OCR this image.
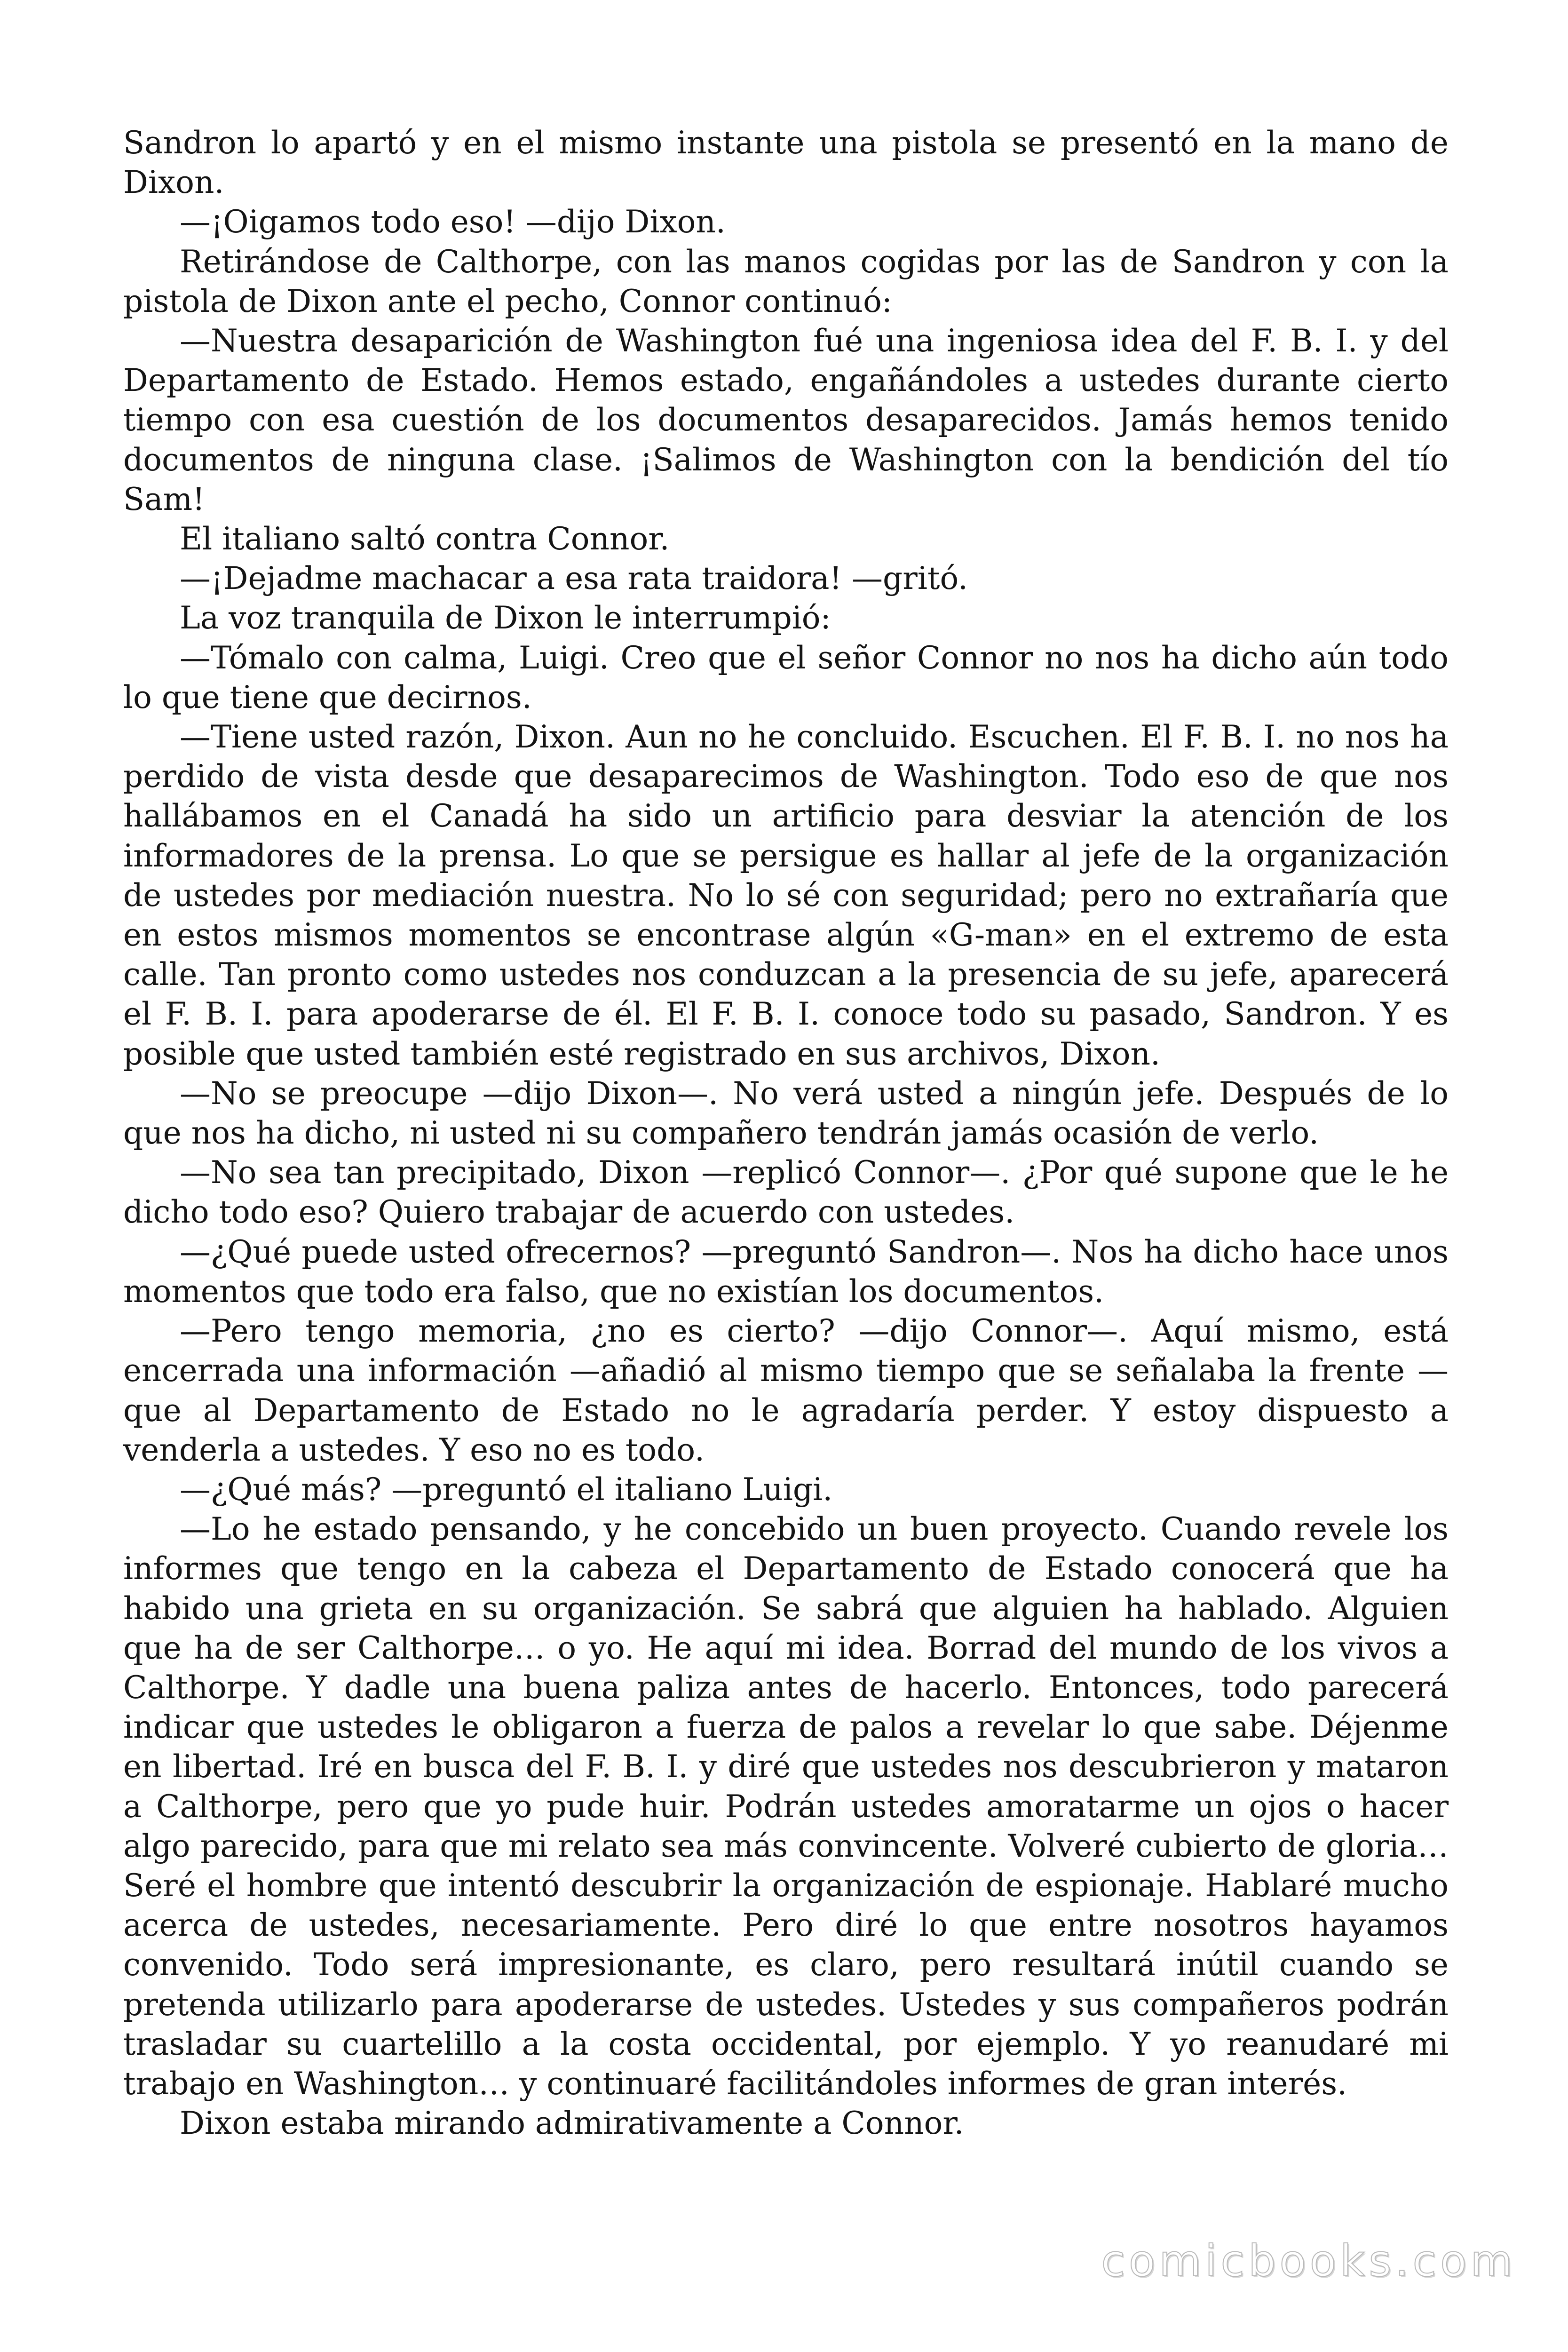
Sandron lo apartó y en el mismo instante una pistola se presentó en la mano de Dixon.

—¡Oigamos todo eso! —dijo Dixon.

Retirándose de Calthorpe, con las manos cogidas por las de Sandron y con la pistola de Dixon ante el pecho, Connor continuó:

—Nuestra desaparición de Washington fué una ingeniosa idea del F. B. I. y del Departamento de Estado. Hemos estado, engañándoles a ustedes durante cierto tiempo con esa cuestión de los documentos desaparecidos. Jamás hemos tenido documentos de ninguna clase. ¡Salimos de Washington con la bendición del tío Sam!

El italiano saltó contra Connor.

—¡Dejadme machacar a esa rata traidora! —gritó.

La voz tranquila de Dixon le interrumpió:

—Tómalo con calma, Luigi. Creo que el señor Connor no nos ha dicho aún todo lo que tiene que decirnos.

—Tiene usted razón, Dixon. Aun no he concluido. Escuchen. El F. B. I. no nos ha perdido de vista desde que desaparecimos de Washington. Todo eso de que nos hallábamos en el Canadá ha sido un artificio para desviar la atención de los informadores de la prensa. Lo que se persigue es hallar al jefe de la organización de ustedes por mediación nuestra. No lo sé con seguridad; pero no extrañaría que en estos mismos momentos se encontrase algún «G-man» en el extremo de esta calle. Tan pronto como ustedes nos conduzcan a la presencia de su jefe, aparecerá el F. B. I. para apoderarse de él. El F. B. I. conoce todo su pasado, Sandron. Y es posible que usted también esté registrado en sus archivos, Dixon.

—No se preocupe —dijo Dixon—. No verá usted a ningún jefe. Después de lo que nos ha dicho, ni usted ni su compañero tendrán jamás ocasión de verlo.

—No sea tan precipitado, Dixon —replicó Connor—. ¿Por qué supone que le he dicho todo eso? Quiero trabajar de acuerdo con ustedes.

—¿Qué puede usted ofrecernos? —preguntó Sandron—. Nos ha dicho hace unos momentos que todo era falso, que no existían los documentos.

—Pero tengo memoria, ¿no es cierto? —dijo Connor—. Aquí mismo, está encerrada una información —añadió al mismo tiempo que se señalaba la frente — que al Departamento de Estado no le agradaría perder. Y estoy dispuesto a venderla a ustedes. Y eso no es todo.

—¿Qué más? —preguntó el italiano Luigi.

—Lo he estado pensando, y he concebido un buen proyecto. Cuando revele los informes que tengo en la cabeza el Departamento de Estado conocerá que ha habido una grieta en su organización. Se sabrá que alguien ha hablado. Alguien que ha de ser Calthorpe… o yo. He aquí mi idea. Borrad del mundo de los vivos a Calthorpe. Y dadle una buena paliza antes de hacerlo. Entonces, todo parecerá indicar que ustedes le obligaron a fuerza de palos a revelar lo que sabe. Déjenme en libertad. Iré en busca del F. B. I. y diré que ustedes nos descubrieron y mataron a Calthorpe, pero que yo pude huir. Podrán ustedes amoratarme un ojos o hacer algo parecido, para que mi relato sea más convincente. Volveré cubierto de gloria… Seré el hombre que intentó descubrir la organización de espionaje. Hablaré mucho acerca de ustedes, necesariamente. Pero diré lo que entre nosotros hayamos convenido. Todo será impresionante, es claro, pero resultará inútil cuando se pretenda utilizarlo para apoderarse de ustedes. Ustedes y sus compañeros podrán trasladar su cuartelillo a la costa occidental, por ejemplo. Y yo reanudaré mi trabajo en Washington… y continuaré facilitándoles informes de gran interés.

Dixon estaba mirando admirativamente a Connor.

comicbooks.com
